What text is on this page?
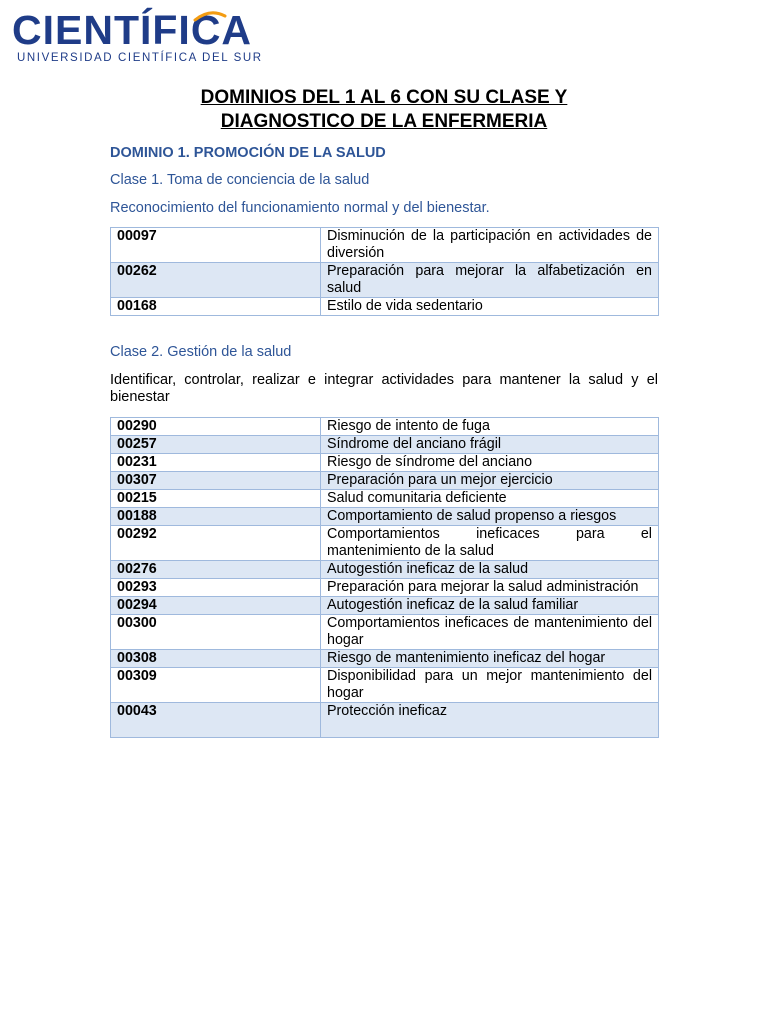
CIENTÍFICA
UNIVERSIDAD CIENTÍFICA DEL SUR
DOMINIOS DEL 1 AL 6 CON SU CLASE Y
DIAGNOSTICO DE LA ENFERMERIA
DOMINIO 1. PROMOCIÓN DE LA SALUD
Clase 1. Toma de conciencia de la salud
Reconocimiento del funcionamiento normal y del bienestar.
00097	Disminución de la participación en actividades de diversión
00262	Preparación para mejorar la alfabetización en salud
00168	Estilo de vida sedentario
Clase 2. Gestión de la salud
Identificar, controlar, realizar e integrar actividades para mantener la salud y el bienestar
00290	Riesgo de intento de fuga
00257	Síndrome del anciano frágil
00231	Riesgo de síndrome del anciano
00307	Preparación para un mejor ejercicio
00215	Salud comunitaria deficiente
00188	Comportamiento de salud propenso a riesgos
00292	Comportamientos ineficaces para el mantenimiento de la salud
00276	Autogestión ineficaz de la salud
00293	Preparación para mejorar la salud administración
00294	Autogestión ineficaz de la salud familiar
00300	Comportamientos ineficaces de mantenimiento del hogar
00308	Riesgo de mantenimiento ineficaz del hogar
00309	Disponibilidad para un mejor mantenimiento del hogar
00043	Protección ineficaz
